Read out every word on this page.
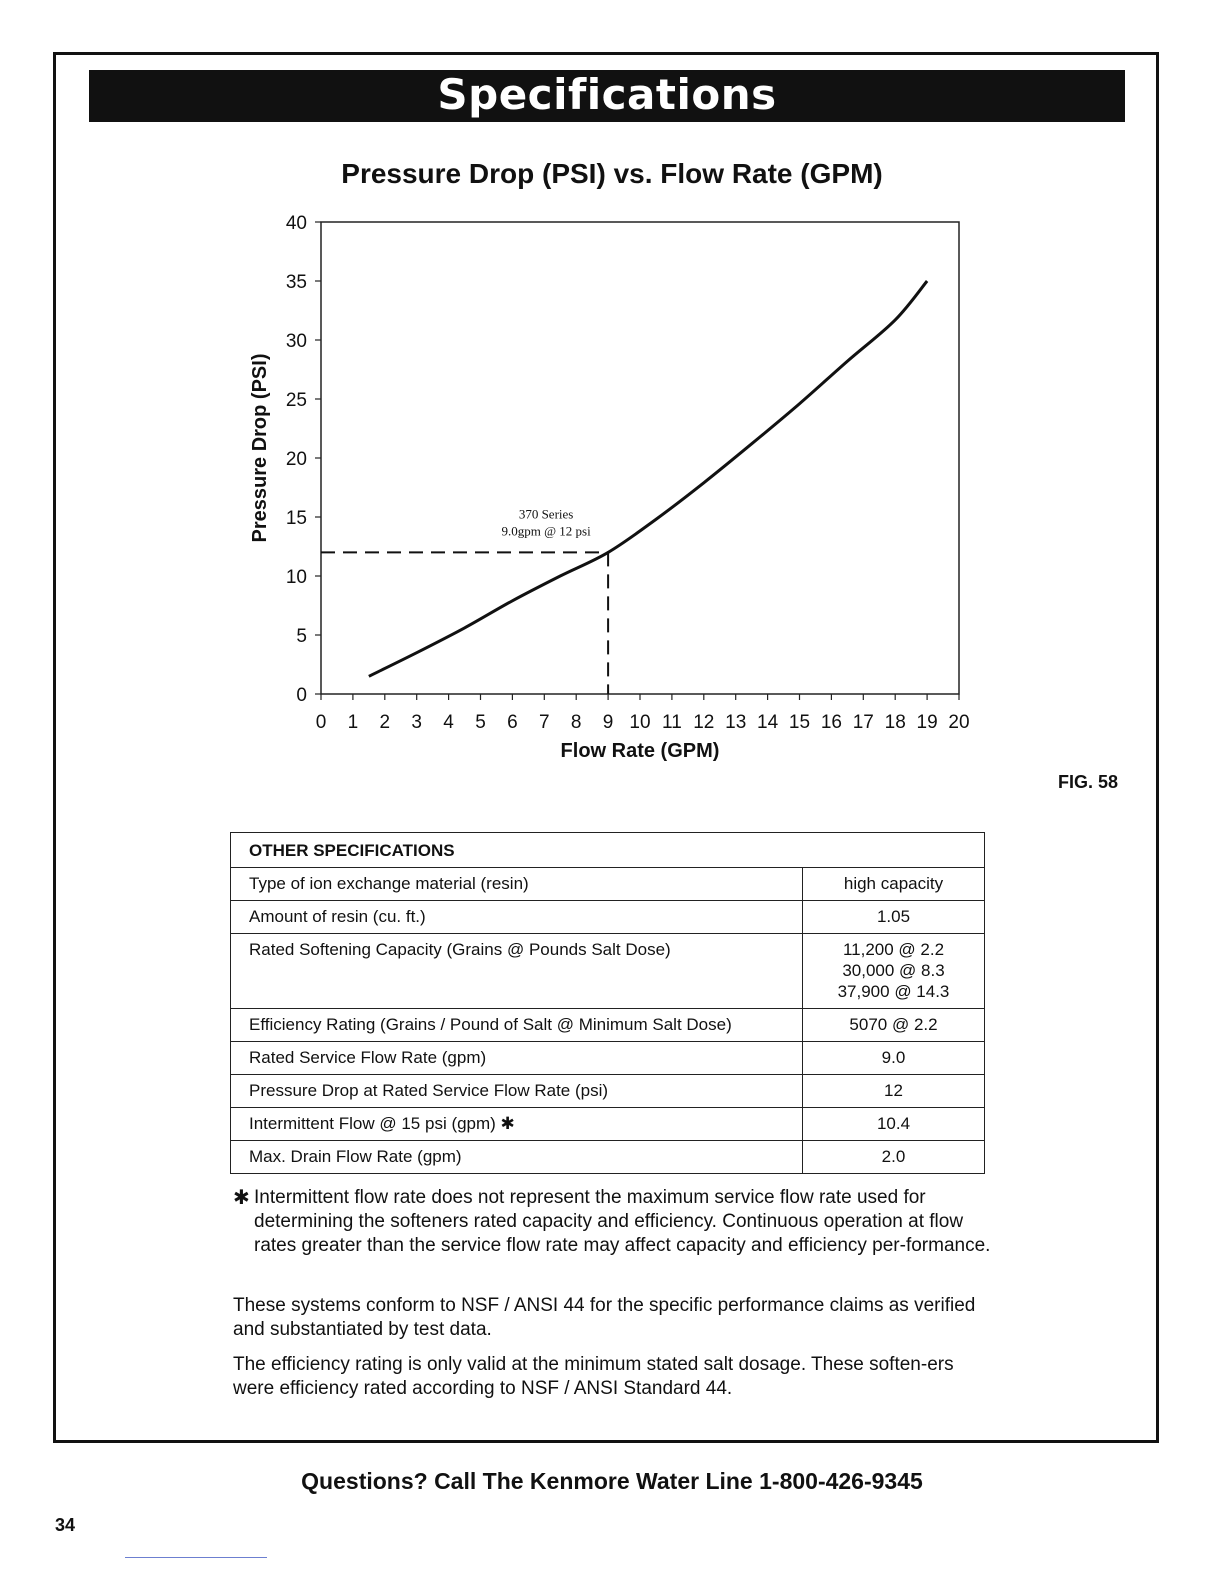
Specifications
Pressure Drop (PSI) vs. Flow Rate (GPM)
0
5
10
15
20
25
30
35
40
0 1 2 3 4 5 6 7 8 9 10 11 12 13 14 15 16 17 18 19 20
Flow Rate (GPM)
Pressure Drop (PSI)	370 Series
9.0gpm @ 12 psi
FIG. 58
OTHER SPECIFICATIONS	
Type of ion exchange material (resin)	high capacity
Amount of resin (cu. ft.)	1.05
Rated Softening Capacity (Grains @ Pounds Salt Dose)	11,200 @ 2.2
30,000 @ 8.3
37,900 @ 14.3
Efficiency Rating (Grains / Pound of Salt @ Minimum Salt Dose)	5070 @ 2.2
Rated Service Flow Rate (gpm)	9.0
Pressure Drop at Rated Service Flow Rate (psi)	12
Intermittent Flow @ 15 psi (gpm) ✱	10.4
Max. Drain Flow Rate (gpm)	2.0
✱ Intermittent flow rate does not represent the maximum service flow rate used for determining the softeners rated capacity and efficiency. Continuous operation at flow rates greater than the service flow rate may affect capacity and efficiency per-formance.
These systems conform to NSF / ANSI 44 for the specific performance claims as verified and substantiated by test data.
The efficiency rating is only valid at the minimum stated salt dosage. These soften-ers were efficiency rated according to NSF / ANSI Standard 44.
Questions? Call The Kenmore Water Line 1-800-426-9345
34
